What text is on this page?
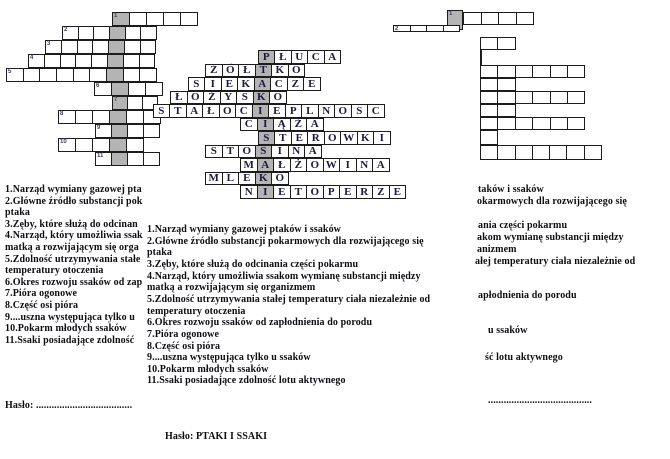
1
2
3
4
5
6
7
8
9
10
11
P Ł U C A
Ż Ó Ł T K O
S	I E K A C Z E
Ł O Ż Y S K O
S T A Ł O C I E P L N O S C
C I Ą Ż A
S T E R O W K I
S T O S	I N A
M A Ł Ż O W I N A
M L E K O
N I E T O P E R Z E
1
2
1.Narząd wymiany gazowej pta
2.Główne źródło substancji pok
ptaka
3.Zęby, które służą do odcinan
4.Narząd, który umożliwia ssak
matką a rozwijającym się orga
5.Zdolność utrzymywania stałe
temperatury otoczenia
6.Okres rozwoju ssaków od zap
7.Pióra ogonowe
8.Część osi pióra
9....uszna występująca tylko u
10.Pokarm młodych ssaków
11.Ssaki posiadające zdolność
Hasło: .....................................
1.Narząd wymiany gazowej ptaków i ssaków
2.Główne źródło substancji pokarmowych dla rozwijającego się
ptaka
3.Zęby, które służą do odcinania części pokarmu
4.Narząd, który umożliwia ssakom wymianę substancji między
matką a rozwijającym się organizmem
5.Zdolność utrzymywania stałej temperatury ciała niezależnie od
temperatury otoczenia
6.Okres rozwoju ssaków od zapłodnienia do porodu
7.Pióra ogonowe
8.Część osi pióra
9....uszna występująca tylko u ssaków
10.Pokarm młodych ssaków
11.Ssaki posiadające zdolność lotu aktywnego
Hasło: PTAKI I SSAKI
taków i ssaków
okarmowych dla rozwijającego się
ania części pokarmu
akom wymianę substancji między
anizmem
ałej temperatury ciała niezależnie od
apłodnienia do porodu
u ssaków
ść lotu aktywnego
........................................
